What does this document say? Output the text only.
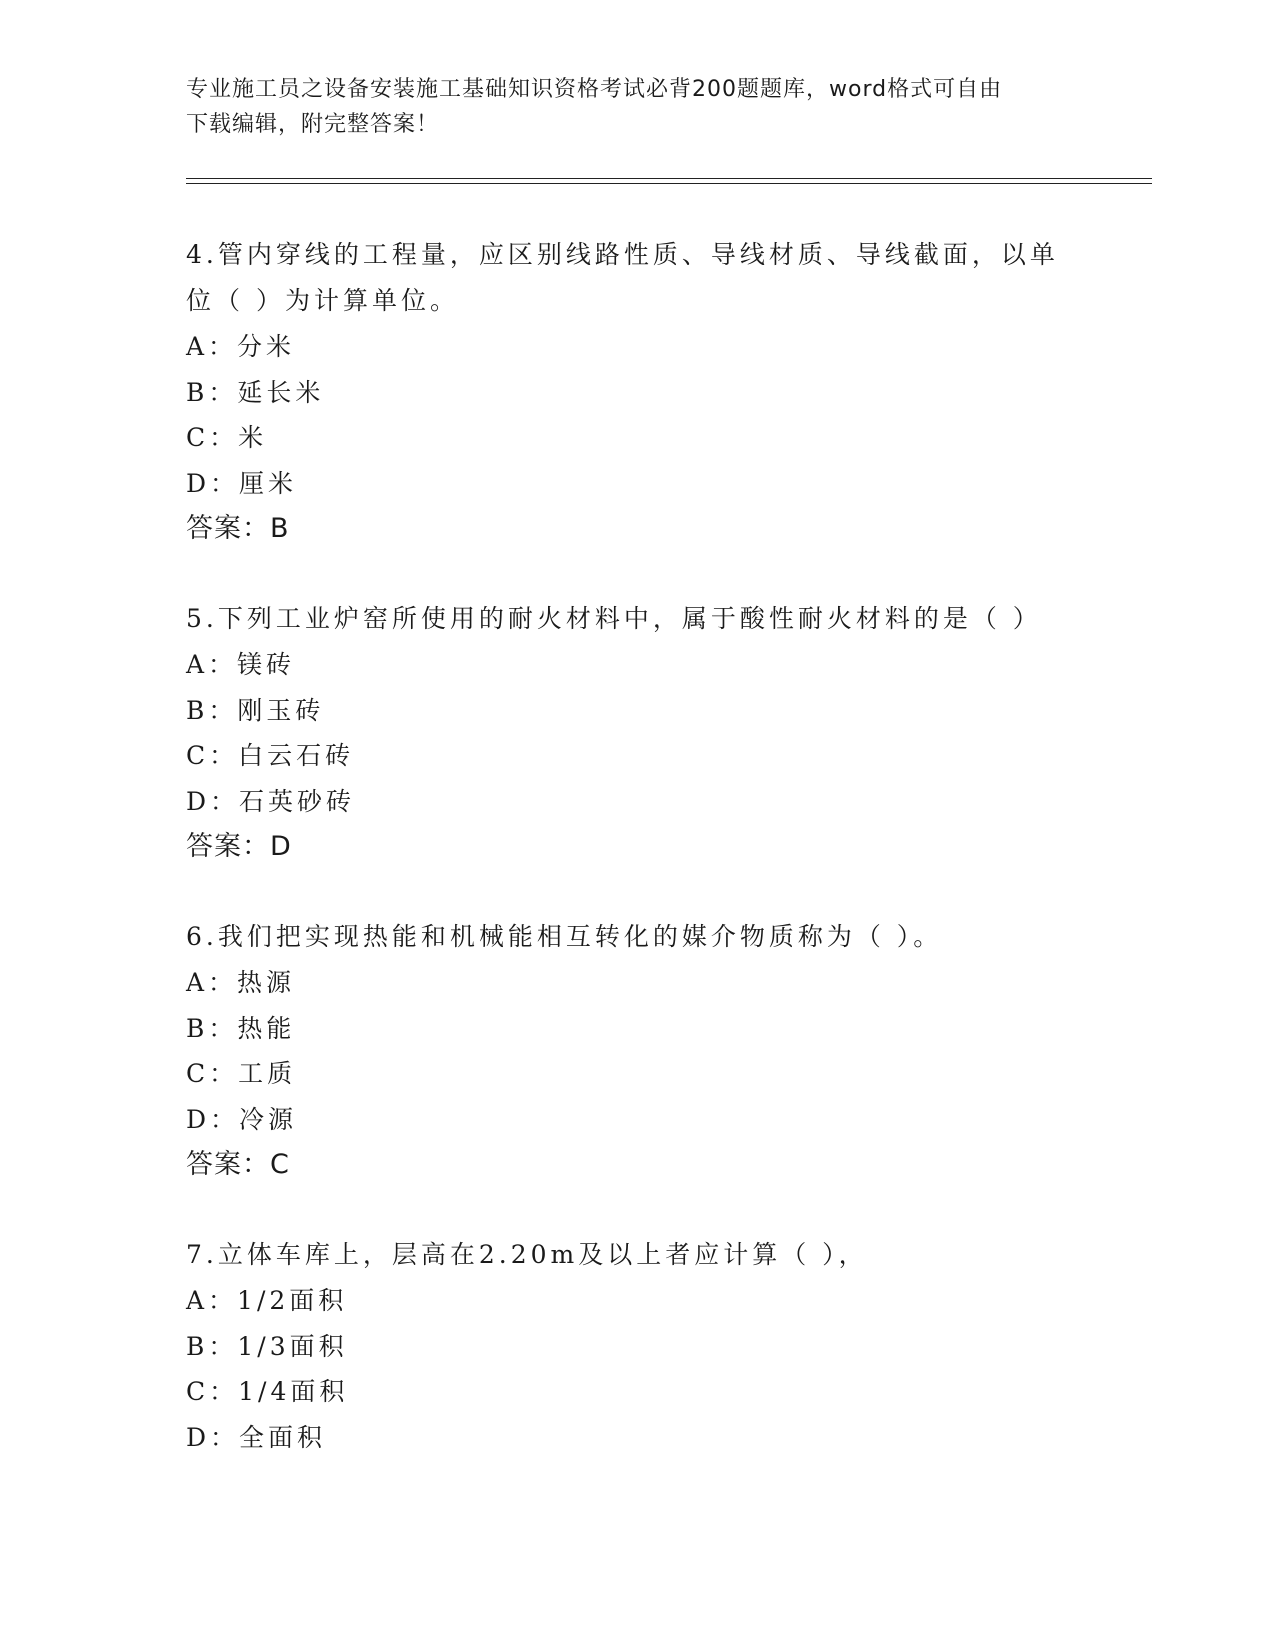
专业施工员之设备安装施工基础知识资格考试必背200题题库，word格式可自由
下载编辑，附完整答案！
4.管内穿线的工程量，应区别线路性质、导线材质、导线截面，以单
位（ ）为计算单位。
A：分米
B：延长米
C：米
D：厘米
答案：B
5.下列工业炉窑所使用的耐火材料中，属于酸性耐火材料的是（ ）
A：镁砖
B：刚玉砖
C：白云石砖
D：石英砂砖
答案：D
6.我们把实现热能和机械能相互转化的媒介物质称为（ ）。
A：热源
B：热能
C：工质
D：冷源
答案：C
7.立体车库上，层高在2.20m及以上者应计算（ ），
A：1/2面积
B：1/3面积
C：1/4面积
D：全面积
